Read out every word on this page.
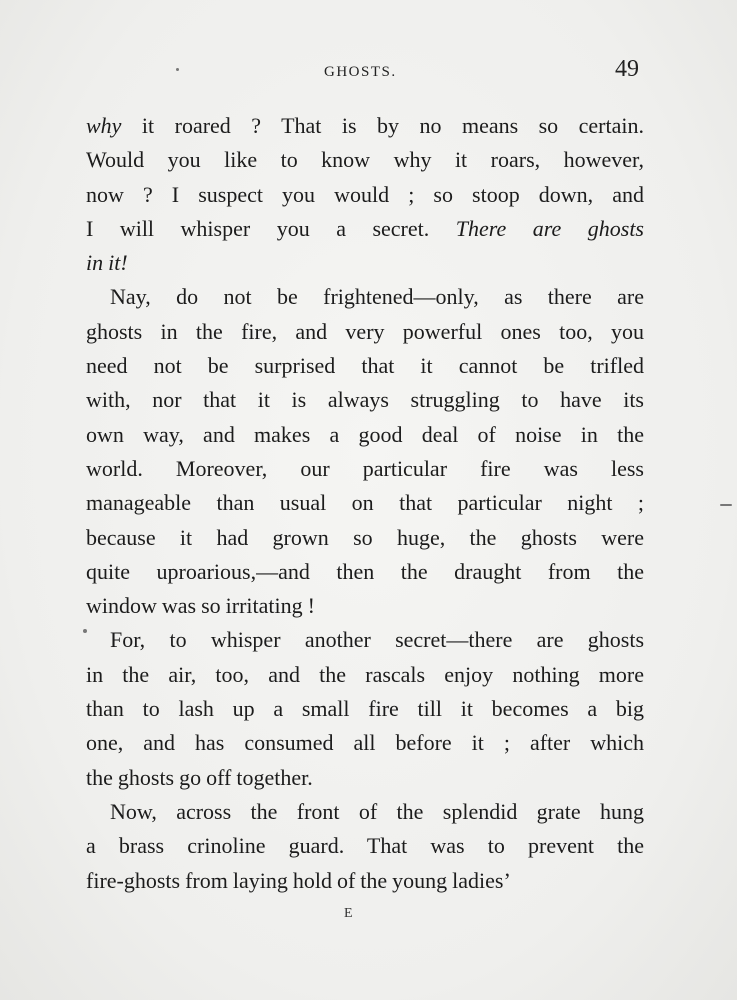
GHOSTS.	49
why it roared ? That is by no means so certain.
Would you like to know why it roars, however,
now ? I suspect you would ; so stoop down, and
I will whisper you a secret. There are ghosts
in it!
Nay, do not be frightened—only, as there are
ghosts in the fire, and very powerful ones too, you
need not be surprised that it cannot be trifled
with, nor that it is always struggling to have its
own way, and makes a good deal of noise in the
world. Moreover, our particular fire was less
manageable than usual on that particular night ;
because it had grown so huge, the ghosts were
quite uproarious,—and then the draught from the
window was so irritating !
For, to whisper another secret—there are ghosts
in the air, too, and the rascals enjoy nothing more
than to lash up a small fire till it becomes a big
one, and has consumed all before it ; after which
the ghosts go off together.
Now, across the front of the splendid grate hung
a brass crinoline guard. That was to prevent the
fire-ghosts from laying hold of the young ladies’
E
